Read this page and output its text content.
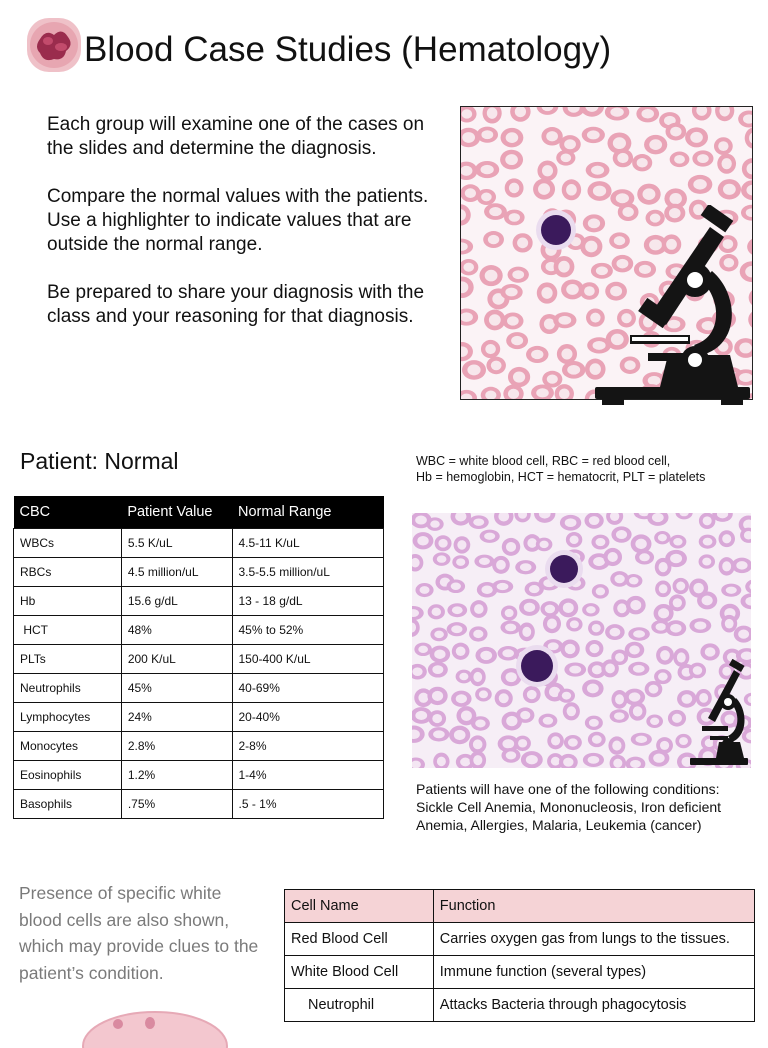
Blood Case Studies (Hematology)

Each group will examine one of the cases on the slides and determine the diagnosis.

Compare the normal values with the patients. Use a highlighter to indicate values that are outside the normal range.

Be prepared to share your diagnosis with the class and your reasoning for that diagnosis.

Patient: Normal	WBC = white blood cell, RBC = red blood cell,
Hb = hemoglobin, HCT = hematocrit, PLT = platelets
CBC	Patient Value	Normal Range
WBCs	5.5 K/uL	4.5-11 K/uL
RBCs	4.5 million/uL	3.5-5.5 million/uL
Hb	15.6 g/dL	13 - 18 g/dL
HCT	48%	45% to 52%
PLTs	200 K/uL	150-400 K/uL
Neutrophils	45%	40-69%
Lymphocytes	24%	20-40%
Monocytes	2.8%	2-8%
Eosinophils	1.2%	1-4%
Basophils	.75%	.5 - 1%
Patients will have one of the following conditions:
Sickle Cell Anemia, Mononucleosis, Iron deficient
Anemia, Allergies, Malaria, Leukemia (cancer)
Presence of specific white blood cells are also shown, which may provide clues to the patient’s condition.
Cell Name	Function
Red Blood Cell	Carries oxygen gas from lungs to the tissues.
White Blood Cell	Immune function (several types)
Neutrophil	Attacks Bacteria through phagocytosis
